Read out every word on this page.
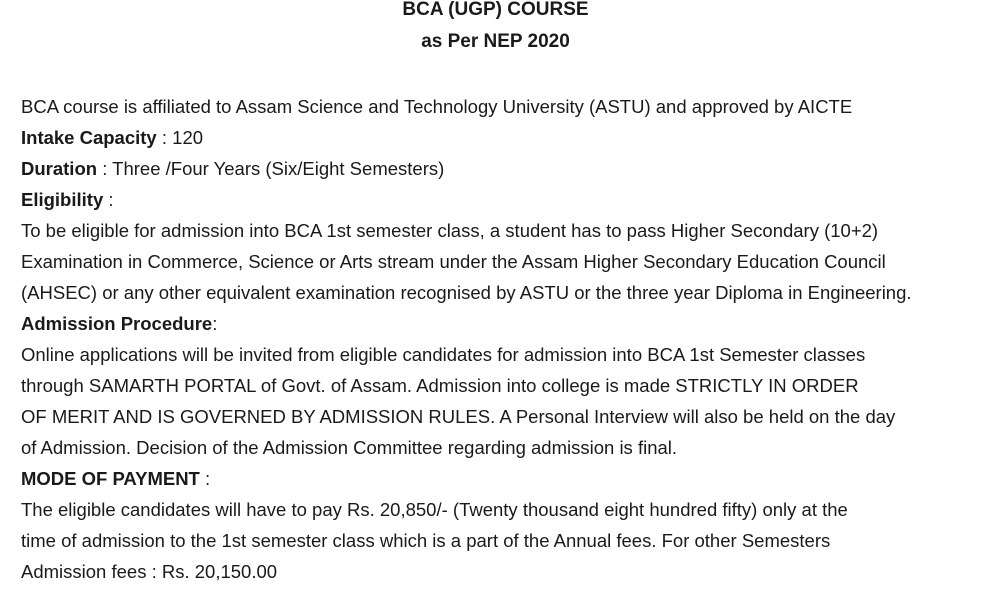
BCA (UGP) COURSE
as Per NEP 2020
BCA course is affiliated to Assam Science and Technology University (ASTU) and approved by AICTE
Intake Capacity : 120
Duration : Three /Four Years (Six/Eight Semesters)
Eligibility :
To be eligible for admission into BCA 1st semester class, a student has to pass Higher Secondary (10+2)
Examination in Commerce, Science or Arts stream under the Assam Higher Secondary Education Council
(AHSEC) or any other equivalent examination recognised by ASTU or the three year Diploma in Engineering.
Admission Procedure:
Online applications will be invited from eligible candidates for admission into BCA 1st Semester classes
through SAMARTH PORTAL of Govt. of Assam. Admission into college is made STRICTLY IN ORDER
OF MERIT AND IS GOVERNED BY ADMISSION RULES. A Personal Interview will also be held on the day
of Admission. Decision of the Admission Committee regarding admission is final.
MODE OF PAYMENT :
The eligible candidates will have to pay Rs. 20,850/- (Twenty thousand eight hundred fifty) only at the
time of admission to the 1st semester class which is a part of the Annual fees. For other Semesters
Admission fees : Rs. 20,150.00
